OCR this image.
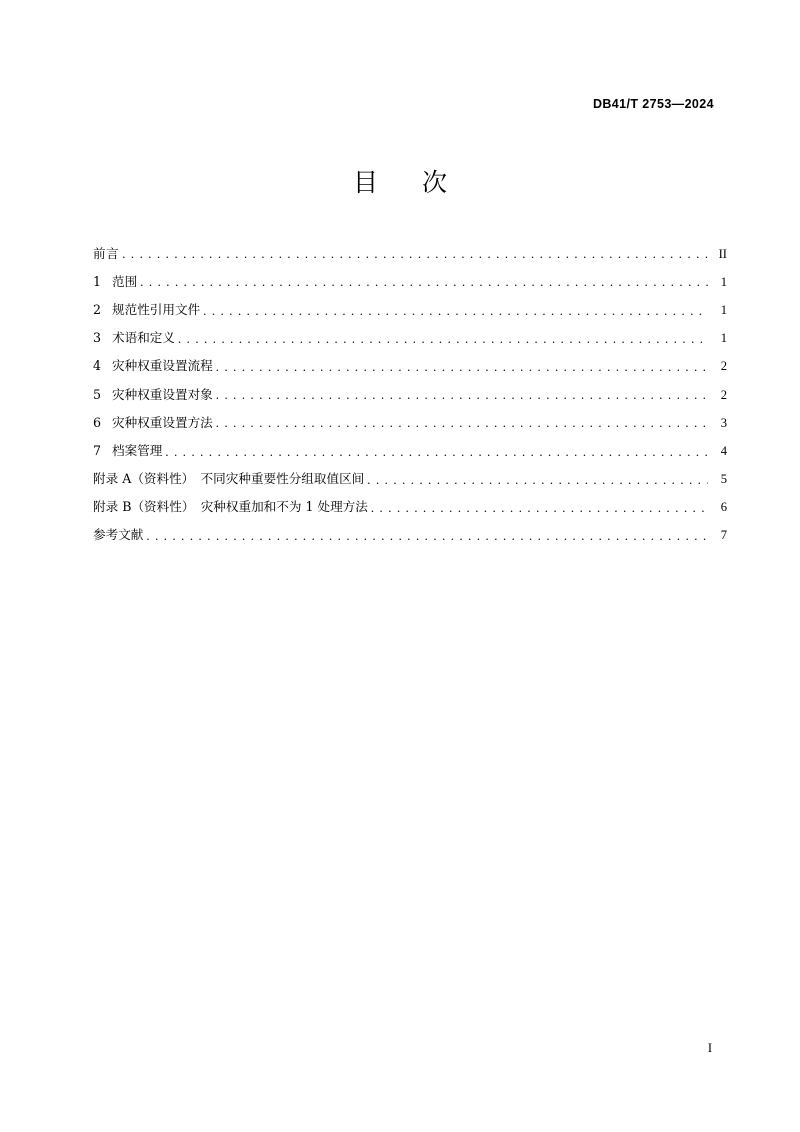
DB41/T 2753—2024
目 次
前言 . . .	II
1 范围 . . .	1
2 规范性引用文件 . . .	1
3 术语和定义 . . .	1
4 灾种权重设置流程 . . .	2
5 灾种权重设置对象 . . .	2
6 灾种权重设置方法 . . .	3
7 档案管理 . . .	4
附录 A（资料性）　不同灾种重要性分组取值区间 . . .	5
附录 B（资料性）　灾种权重加和不为 1 处理方法 . . .	6
参考文献 . . .	7
I
